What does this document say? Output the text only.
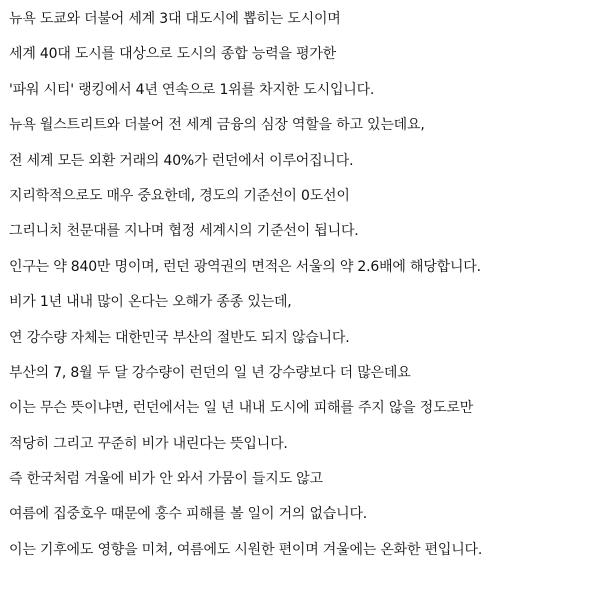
뉴욕 도쿄와 더불어 세계 3대 대도시에 뽑히는 도시이며

세계 40대 도시를 대상으로 도시의 종합 능력을 평가한

'파워 시티' 랭킹에서 4년 연속으로 1위를 차지한 도시입니다.

뉴욕 월스트리트와 더불어 전 세계 금융의 심장 역할을 하고 있는데요,

전 세계 모든 외환 거래의 40%가 런던에서 이루어집니다.

지리학적으로도 매우 중요한데, 경도의 기준선이 0도선이

그리니치 천문대를 지나며 협정 세계시의 기준선이 됩니다.

인구는 약 840만 명이며, 런던 광역권의 면적은 서울의 약 2.6배에 해당합니다.

비가 1년 내내 많이 온다는 오해가 종종 있는데,

연 강수량 자체는 대한민국 부산의 절반도 되지 않습니다.

부산의 7, 8월 두 달 강수량이 런던의 일 년 강수량보다 더 많은데요

이는 무슨 뜻이냐면, 런던에서는 일 년 내내 도시에 피해를 주지 않을 정도로만

적당히 그리고 꾸준히 비가 내린다는 뜻입니다.

즉 한국처럼 겨울에 비가 안 와서 가뭄이 들지도 않고

여름에 집중호우 때문에 홍수 피해를 볼 일이 거의 없습니다.

이는 기후에도 영향을 미쳐, 여름에도 시원한 편이며 겨울에는 온화한 편입니다.
